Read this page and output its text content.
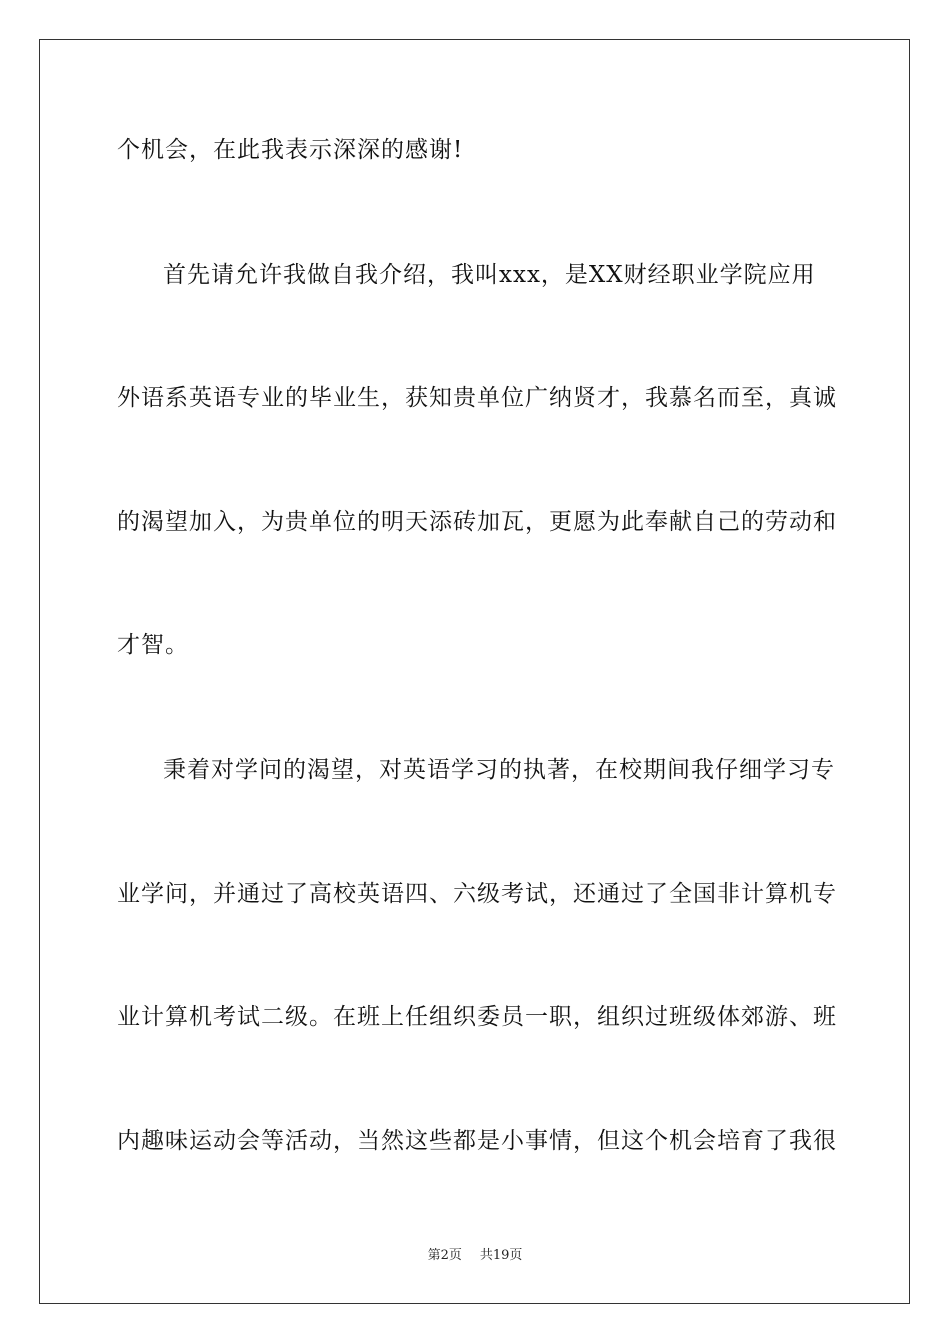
个机会，在此我表示深深的感谢!
首先请允许我做自我介绍，我叫xxx，是XX财经职业学院应用
外语系英语专业的毕业生，获知贵单位广纳贤才，我慕名而至，真诚
的渴望加入，为贵单位的明天添砖加瓦，更愿为此奉献自己的劳动和
才智。
秉着对学问的渴望，对英语学习的执著，在校期间我仔细学习专
业学问，并通过了高校英语四、六级考试，还通过了全国非计算机专
业计算机考试二级。在班上任组织委员一职，组织过班级体郊游、班
内趣味运动会等活动，当然这些都是小事情，但这个机会培育了我很
第2页 共19页
